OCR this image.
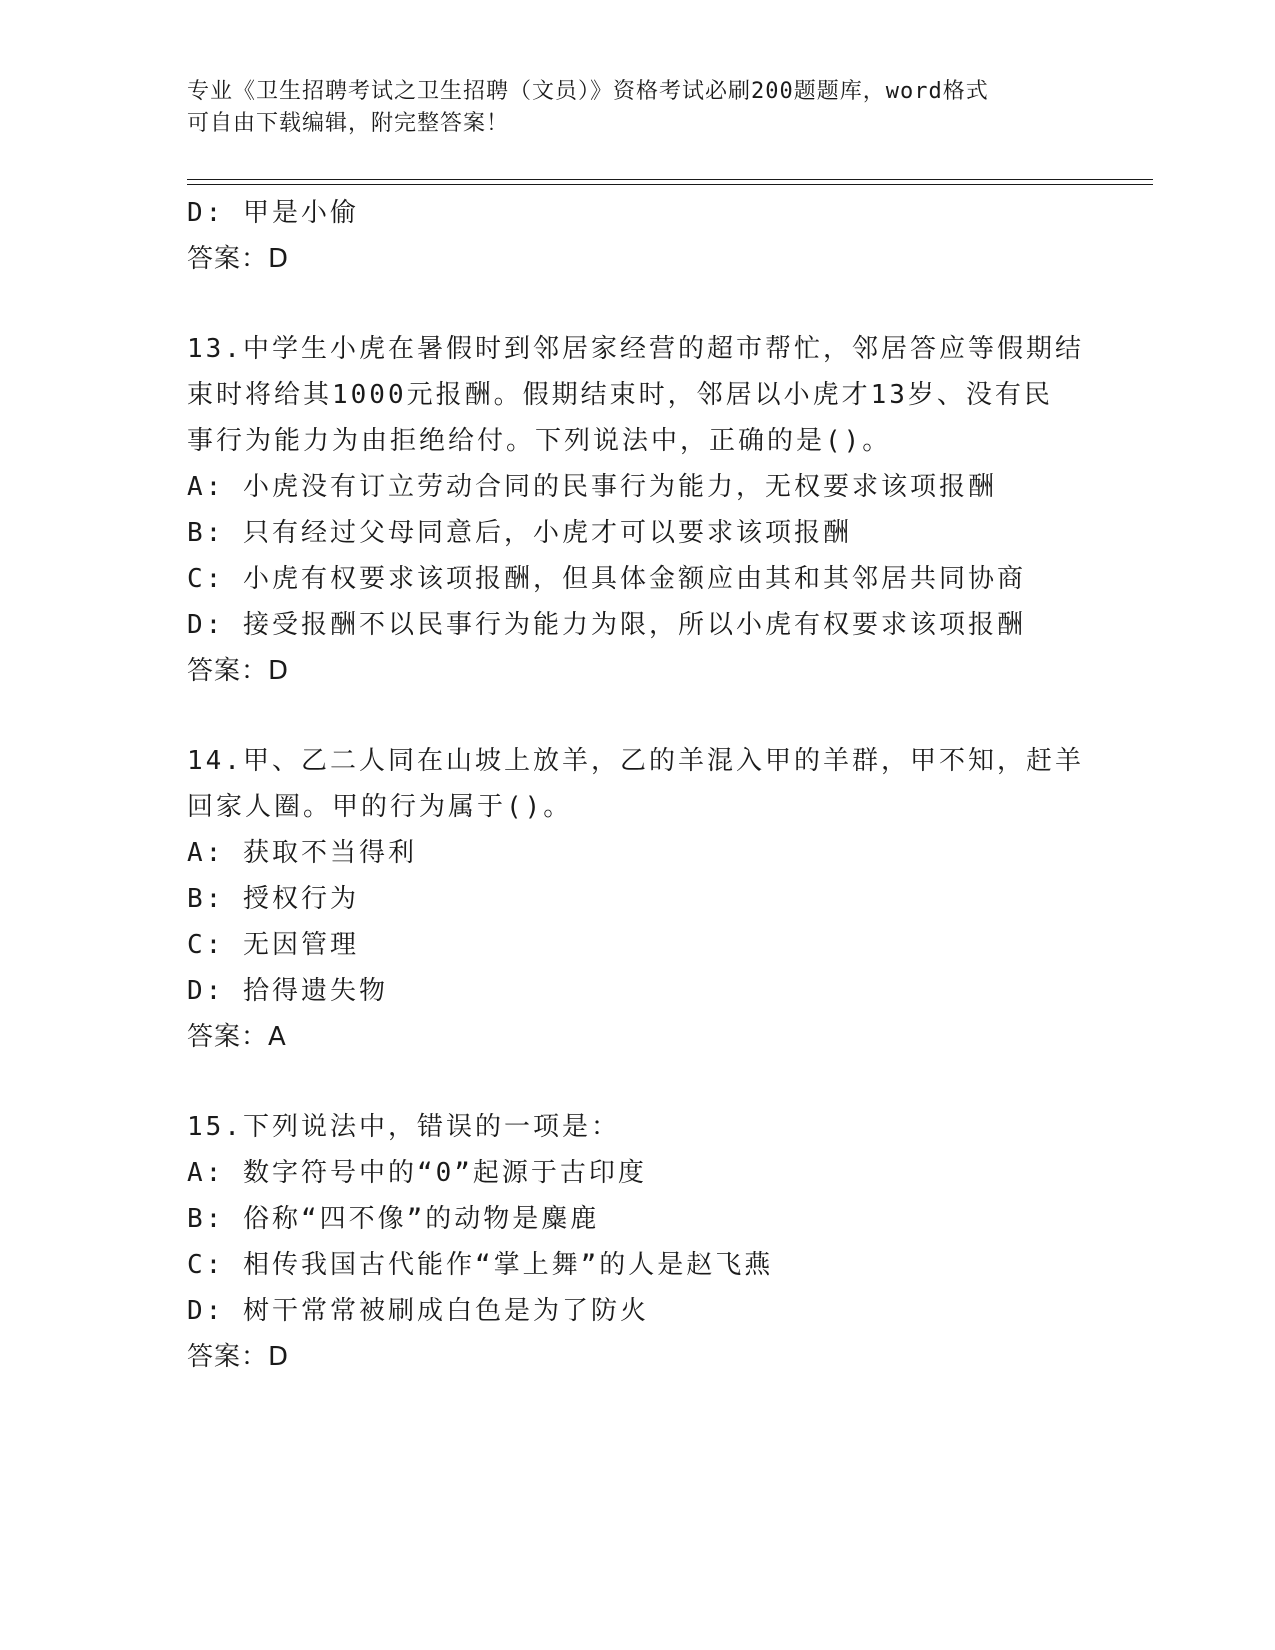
专业《卫生招聘考试之卫生招聘（文员）》资格考试必刷200题题库，word格式
可自由下载编辑，附完整答案！
D: 甲是小偷
答案：D
13.中学生小虎在暑假时到邻居家经营的超市帮忙，邻居答应等假期结
束时将给其1000元报酬。假期结束时，邻居以小虎才13岁、没有民
事行为能力为由拒绝给付。下列说法中，正确的是()。
A: 小虎没有订立劳动合同的民事行为能力，无权要求该项报酬
B: 只有经过父母同意后，小虎才可以要求该项报酬
C: 小虎有权要求该项报酬，但具体金额应由其和其邻居共同协商
D: 接受报酬不以民事行为能力为限，所以小虎有权要求该项报酬
答案：D
14.甲、乙二人同在山坡上放羊，乙的羊混入甲的羊群，甲不知，赶羊
回家人圈。甲的行为属于()。
A: 获取不当得利
B: 授权行为
C: 无因管理
D: 拾得遗失物
答案：A
15.下列说法中，错误的一项是：
A: 数字符号中的“0”起源于古印度
B: 俗称“四不像”的动物是麋鹿
C: 相传我国古代能作“掌上舞”的人是赵飞燕
D: 树干常常被刷成白色是为了防火
答案：D
